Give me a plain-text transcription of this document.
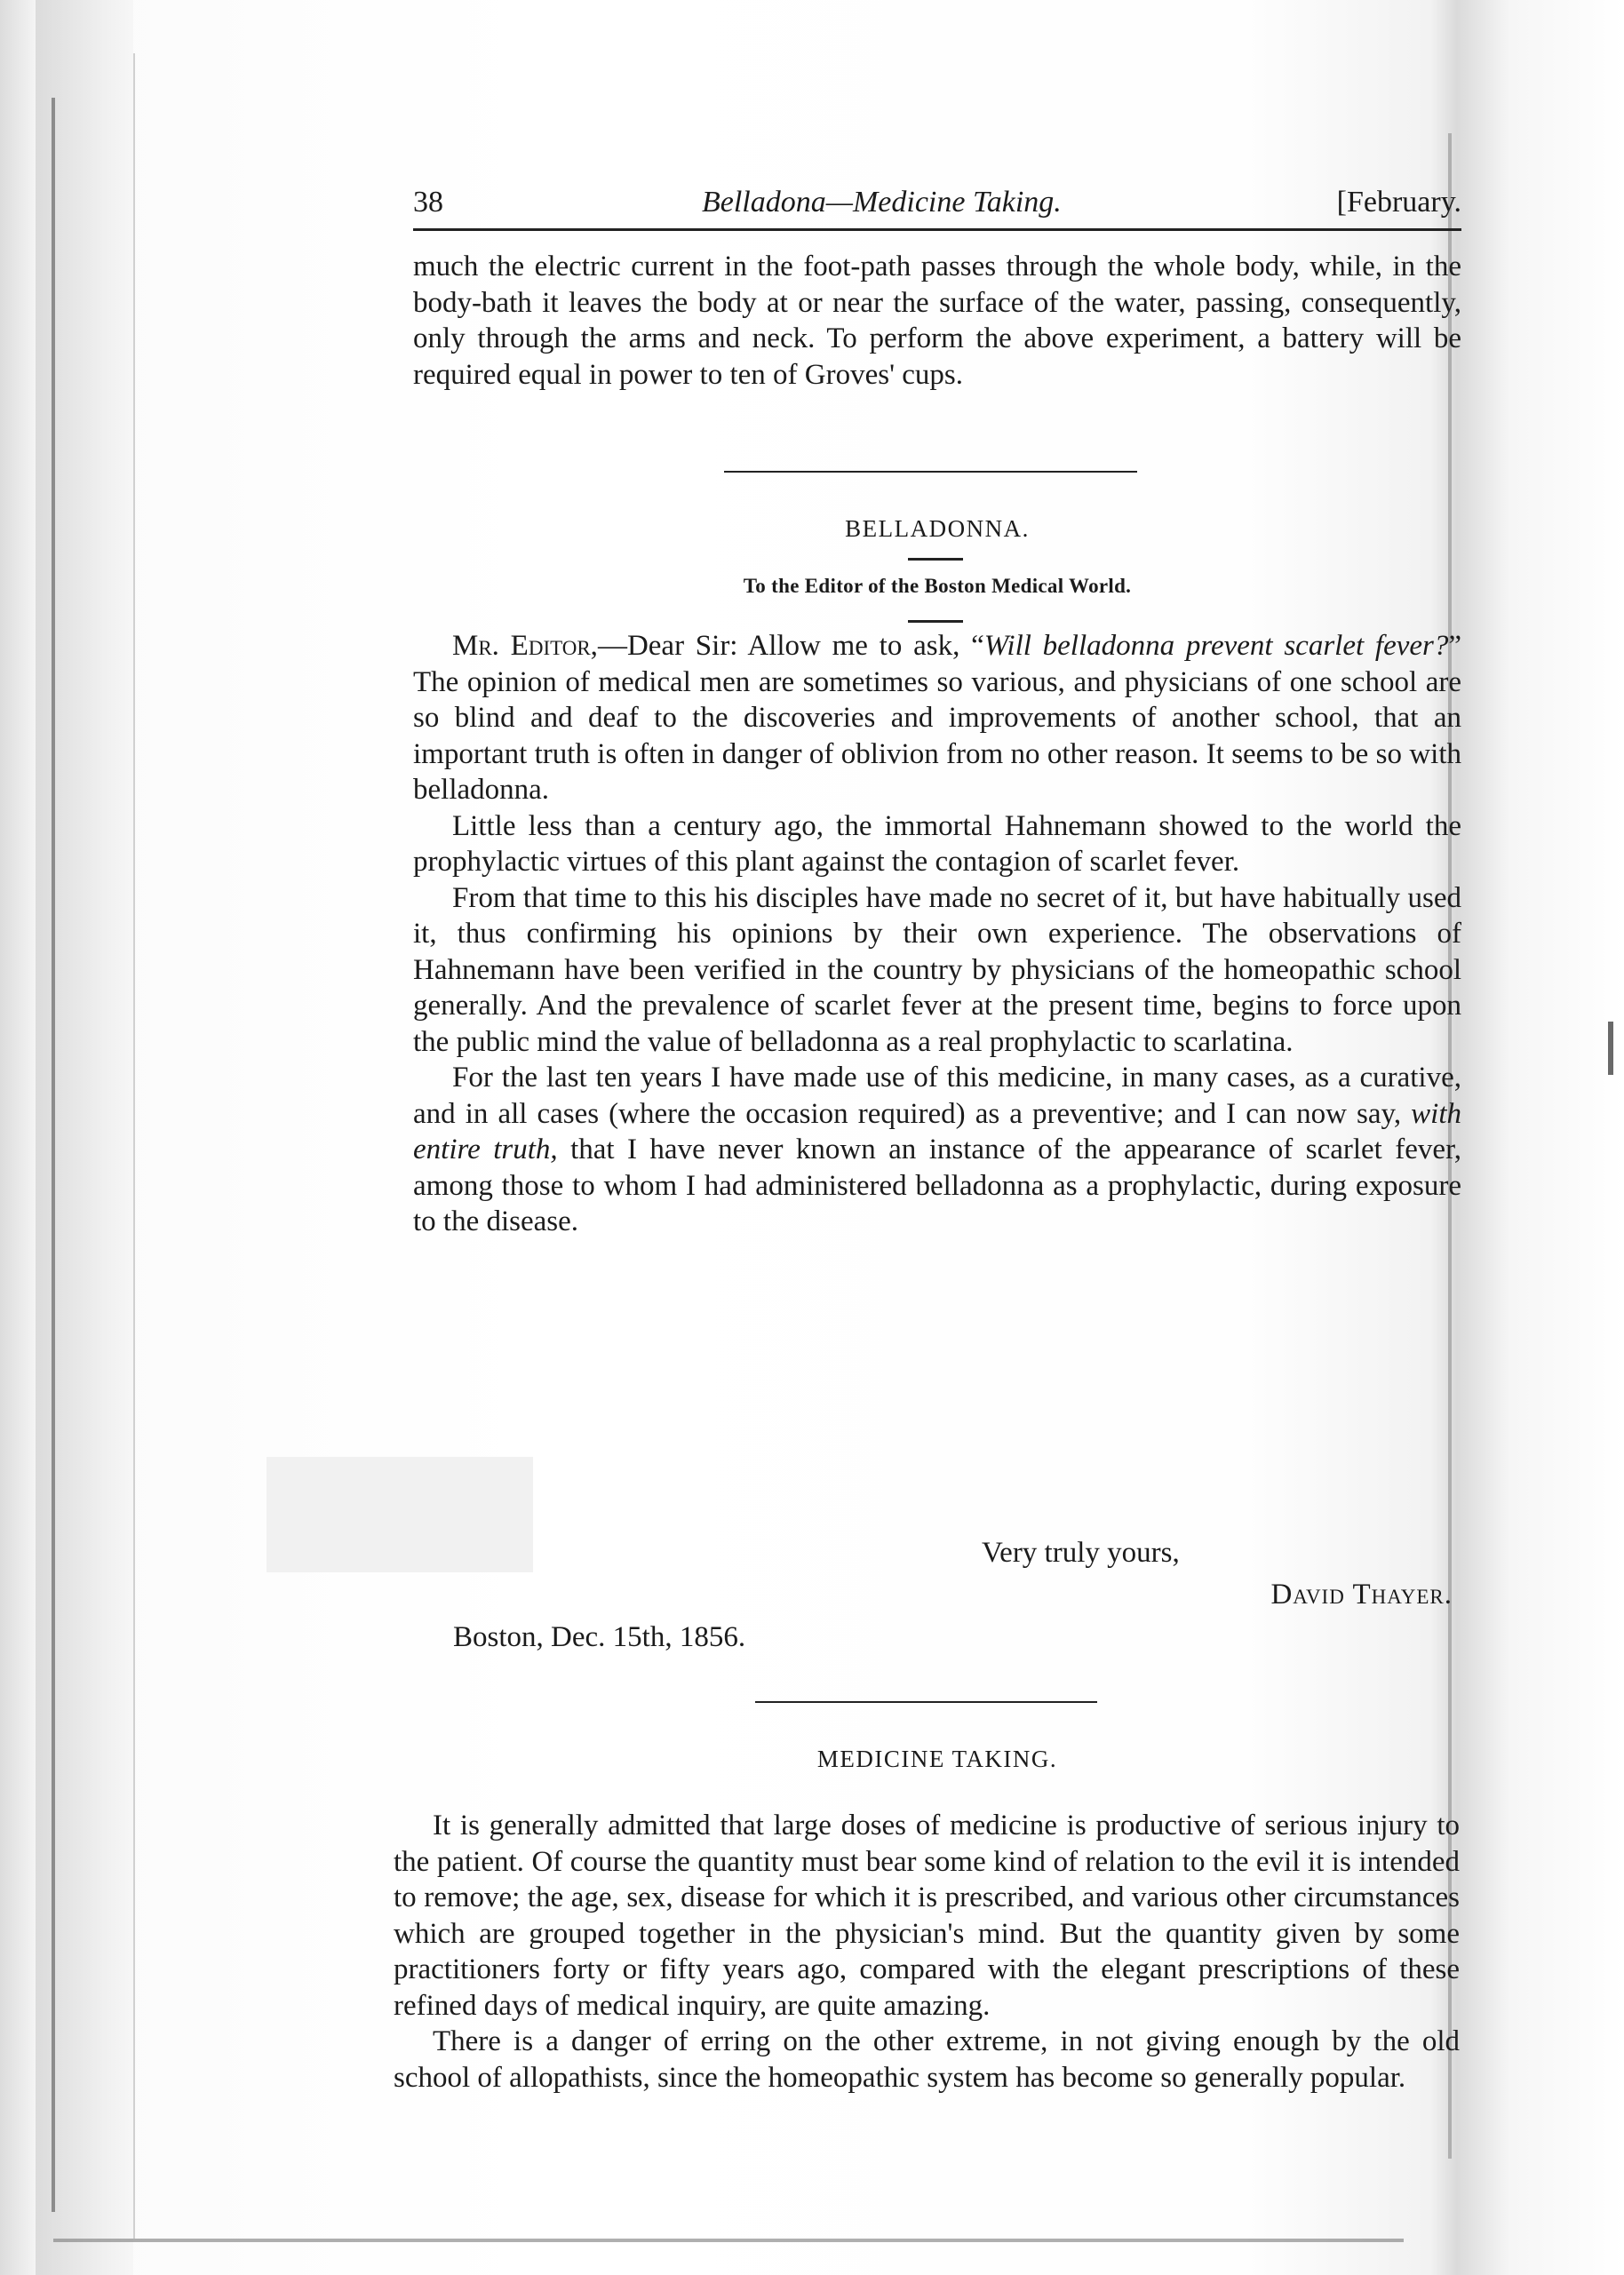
38	Belladona—Medicine Taking.	[February.

much the electric current in the foot-path passes through the whole body, while, in the body-bath it leaves the body at or near the surface of the water, passing, consequently, only through the arms and neck. To perform the above experiment, a battery will be required equal in power to ten of Groves' cups.

BELLADONNA.
To the Editor of the Boston Medical World.

Mr. Editor,—Dear Sir: Allow me to ask, “Will belladonna prevent scarlet fever?” The opinion of medical men are sometimes so various, and physicians of one school are so blind and deaf to the discoveries and improvements of another school, that an important truth is often in danger of oblivion from no other reason. It seems to be so with belladonna.

Little less than a century ago, the immortal Hahnemann showed to the world the prophylactic virtues of this plant against the contagion of scarlet fever.

From that time to this his disciples have made no secret of it, but have habitually used it, thus confirming his opinions by their own experience. The observations of Hahnemann have been verified in the country by physicians of the homeopathic school generally. And the prevalence of scarlet fever at the present time, begins to force upon the public mind the value of belladonna as a real prophylactic to scarlatina.

For the last ten years I have made use of this medicine, in many cases, as a curative, and in all cases (where the occasion required) as a preventive; and I can now say, with entire truth, that I have never known an instance of the appearance of scarlet fever, among those to whom I had administered belladonna as a prophylactic, during exposure to the disease.

Very truly yours,
David Thayer.
Boston, Dec. 15th, 1856.
MEDICINE TAKING.

It is generally admitted that large doses of medicine is productive of serious injury to the patient. Of course the quantity must bear some kind of relation to the evil it is intended to remove; the age, sex, disease for which it is prescribed, and various other circumstances which are grouped together in the physician's mind. But the quantity given by some practitioners forty or fifty years ago, compared with the elegant prescriptions of these refined days of medical inquiry, are quite amazing.

There is a danger of erring on the other extreme, in not giving enough by the old school of allopathists, since the homeopathic system has become so generally popular.
